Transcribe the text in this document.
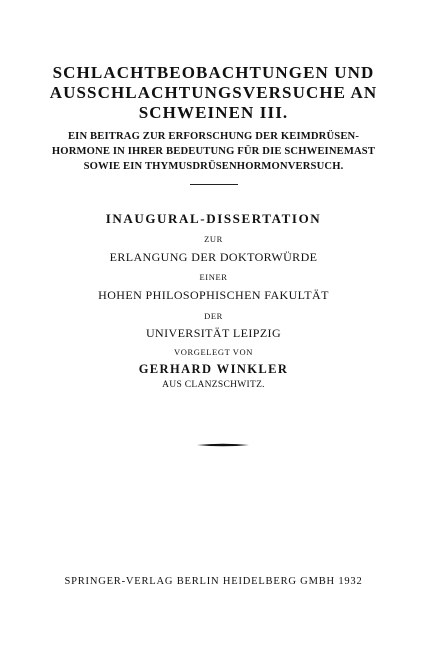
SCHLACHTBEOBACHTUNGEN UND
AUSSCHLACHTUNGSVERSUCHE AN
SCHWEINEN III.
EIN BEITRAG ZUR ERFORSCHUNG DER KEIMDRÜSEN-
HORMONE IN IHRER BEDEUTUNG FÜR DIE SCHWEINEMAST
SOWIE EIN THYMUSDRÜSENHORMONVERSUCH.
INAUGURAL-DISSERTATION
ZUR
ERLANGUNG DER DOKTORWÜRDE
EINER
HOHEN PHILOSOPHISCHEN FAKULTÄT
DER
UNIVERSITÄT LEIPZIG
VORGELEGT VON
GERHARD WINKLER
AUS CLANZSCHWITZ.
SPRINGER-VERLAG BERLIN HEIDELBERG GMBH 1932
